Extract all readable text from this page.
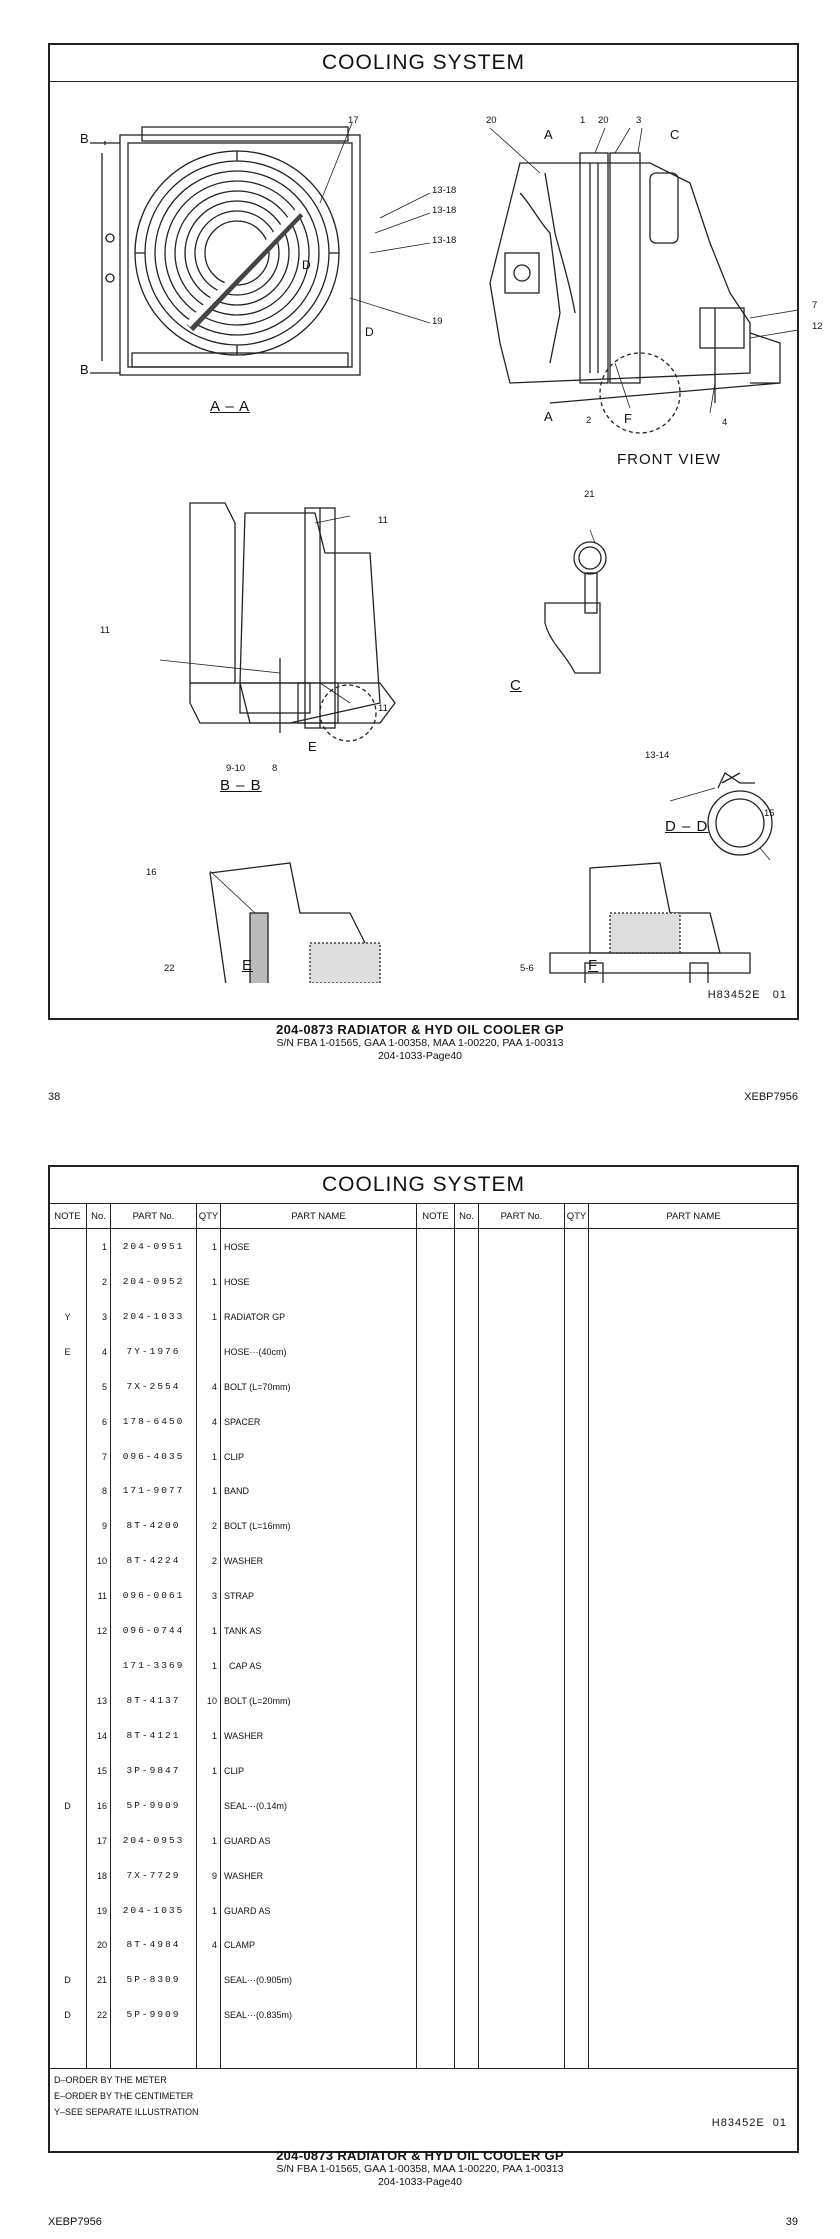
COOLING SYSTEM
B
B
17
13-18
13-18
13-18
19
D
D
A – A
20	1 20	3
A	C
7
12
A	2	F	4
FRONT VIEW
11
11
11
9-10	8
E
B – B
21
C
13-14
15
D – D
16
22	E	5-6	F
H83452E 01
204-0873 RADIATOR & HYD OIL COOLER GP
S/N FBA 1-01565, GAA 1-00358, MAA 1-00220, PAA 1-00313
204-1033-Page40
38	XEBP7956
COOLING SYSTEM
NOTE	No.	PART No.	QTY	PART NAME	NOTE	No.	PART No.	QTY	PART NAME
	1	204-0951	1	HOSE					
	2	204-0952	1	HOSE					
Y	3	204-1033	1	RADIATOR GP					
E	4	7Y-1976		HOSE···(40cm)					
	5	7X-2554	4	BOLT (L=70mm)					
	6	178-6450	4	SPACER					
	7	096-4035	1	CLIP					
	8	171-9077	1	BAND					
	9	8T-4200	2	BOLT (L=16mm)					
	10	8T-4224	2	WASHER					
	11	096-0061	3	STRAP					
	12	096-0744	1	TANK AS					
		171-3369	1	CAP AS					
	13	8T-4137	10	BOLT (L=20mm)					
	14	8T-4121	1	WASHER					
	15	3P-9847	1	CLIP					
D	16	5P-9909		SEAL···(0.14m)					
	17	204-0953	1	GUARD AS					
	18	7X-7729	9	WASHER					
	19	204-1035	1	GUARD AS					
	20	8T-4984	4	CLAMP					
D	21	5P-8309		SEAL···(0.905m)					
D	22	5P-9909		SEAL···(0.835m)					

D–ORDER BY THE METER
E–ORDER BY THE CENTIMETER
Y–SEE SEPARATE ILLUSTRATION
H83452E  01
204-0873 RADIATOR & HYD OIL COOLER GP
S/N FBA 1-01565, GAA 1-00358, MAA 1-00220, PAA 1-00313
204-1033-Page40
XEBP7956	39
